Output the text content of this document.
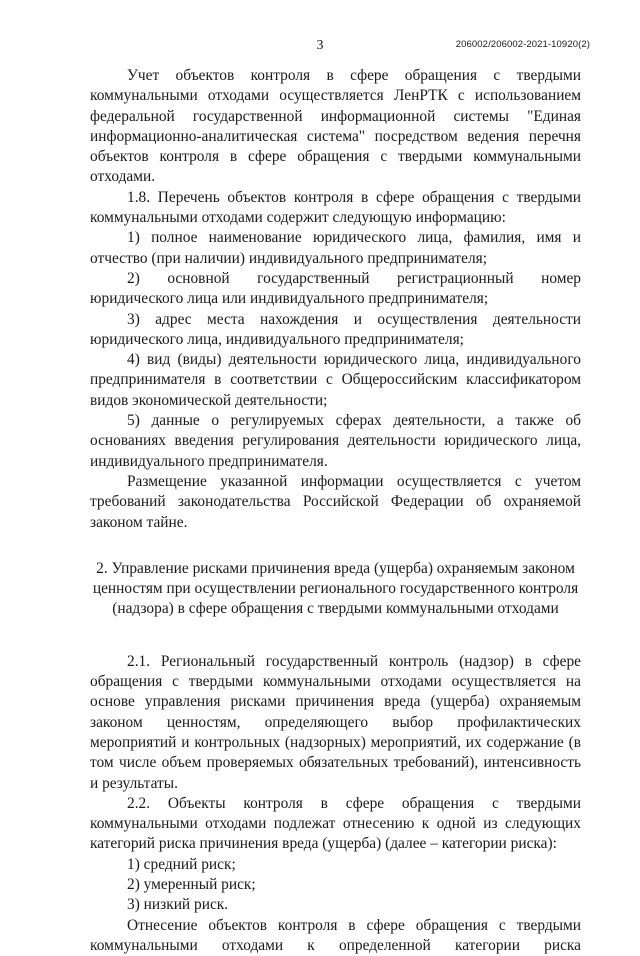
3	206002/206002-2021-10920(2)

Учет объектов контроля в сфере обращения с твердыми коммунальными отходами осуществляется ЛенРТК с использованием федеральной государственной информационной системы "Единая информационно-аналитическая система" посредством ведения перечня объектов контроля в сфере обращения с твердыми коммунальными отходами.

1.8. Перечень объектов контроля в сфере обращения с твердыми коммунальными отходами содержит следующую информацию:

1) полное наименование юридического лица, фамилия, имя и отчество (при наличии) индивидуального предпринимателя;

2) основной государственный регистрационный номер юридического лица или индивидуального предпринимателя;

3) адрес места нахождения и осуществления деятельности юридического лица, индивидуального предпринимателя;

4) вид (виды) деятельности юридического лица, индивидуального предпринимателя в соответствии с Общероссийским классификатором видов экономической деятельности;

5) данные о регулируемых сферах деятельности, а также об основаниях введения регулирования деятельности юридического лица, индивидуального предпринимателя.

Размещение указанной информации осуществляется с учетом требований законодательства Российской Федерации об охраняемой законом тайне.

2. Управление рисками причинения вреда (ущерба) охраняемым законом ценностям при осуществлении регионального государственного контроля (надзора) в сфере обращения с твердыми коммунальными отходами

2.1. Региональный государственный контроль (надзор) в сфере обращения с твердыми коммунальными отходами осуществляется на основе управления рисками причинения вреда (ущерба) охраняемым законом ценностям, определяющего выбор профилактических мероприятий и контрольных (надзорных) мероприятий, их содержание (в том числе объем проверяемых обязательных требований), интенсивность и результаты.

2.2. Объекты контроля в сфере обращения с твердыми коммунальными отходами подлежат отнесению к одной из следующих категорий риска причинения вреда (ущерба) (далее – категории риска):

1) средний риск;

2) умеренный риск;

3) низкий риск.

Отнесение объектов контроля в сфере обращения с твердыми коммунальными отходами к определенной категории риска
